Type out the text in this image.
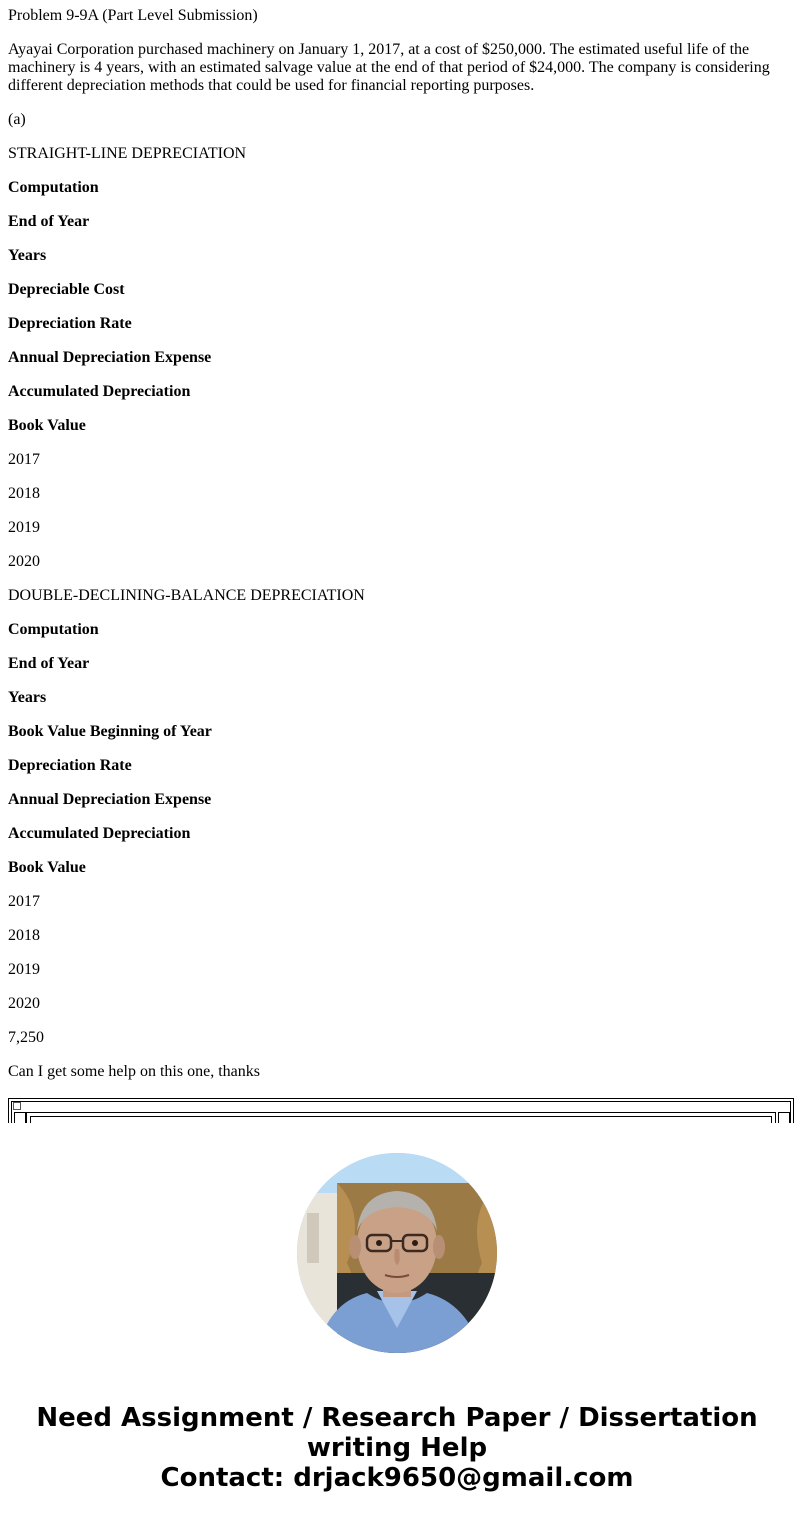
Problem 9-9A (Part Level Submission)
Ayayai Corporation purchased machinery on January 1, 2017, at a cost of $250,000. The estimated useful life of the machinery is 4 years, with an estimated salvage value at the end of that period of $24,000. The company is considering different depreciation methods that could be used for financial reporting purposes.
(a)
STRAIGHT-LINE DEPRECIATION
Computation
End of Year
Years
Depreciable Cost
Depreciation Rate
Annual Depreciation Expense
Accumulated Depreciation
Book Value
2017
2018
2019
2020
DOUBLE-DECLINING-BALANCE DEPRECIATION
Computation
End of Year
Years
Book Value Beginning of Year
Depreciation Rate
Annual Depreciation Expense
Accumulated Depreciation
Book Value
2017
2018
2019
2020
7,250
Can I get some help on this one, thanks
Need Assignment / Research Paper / Dissertation
writing Help
Contact: drjack9650@gmail.com
